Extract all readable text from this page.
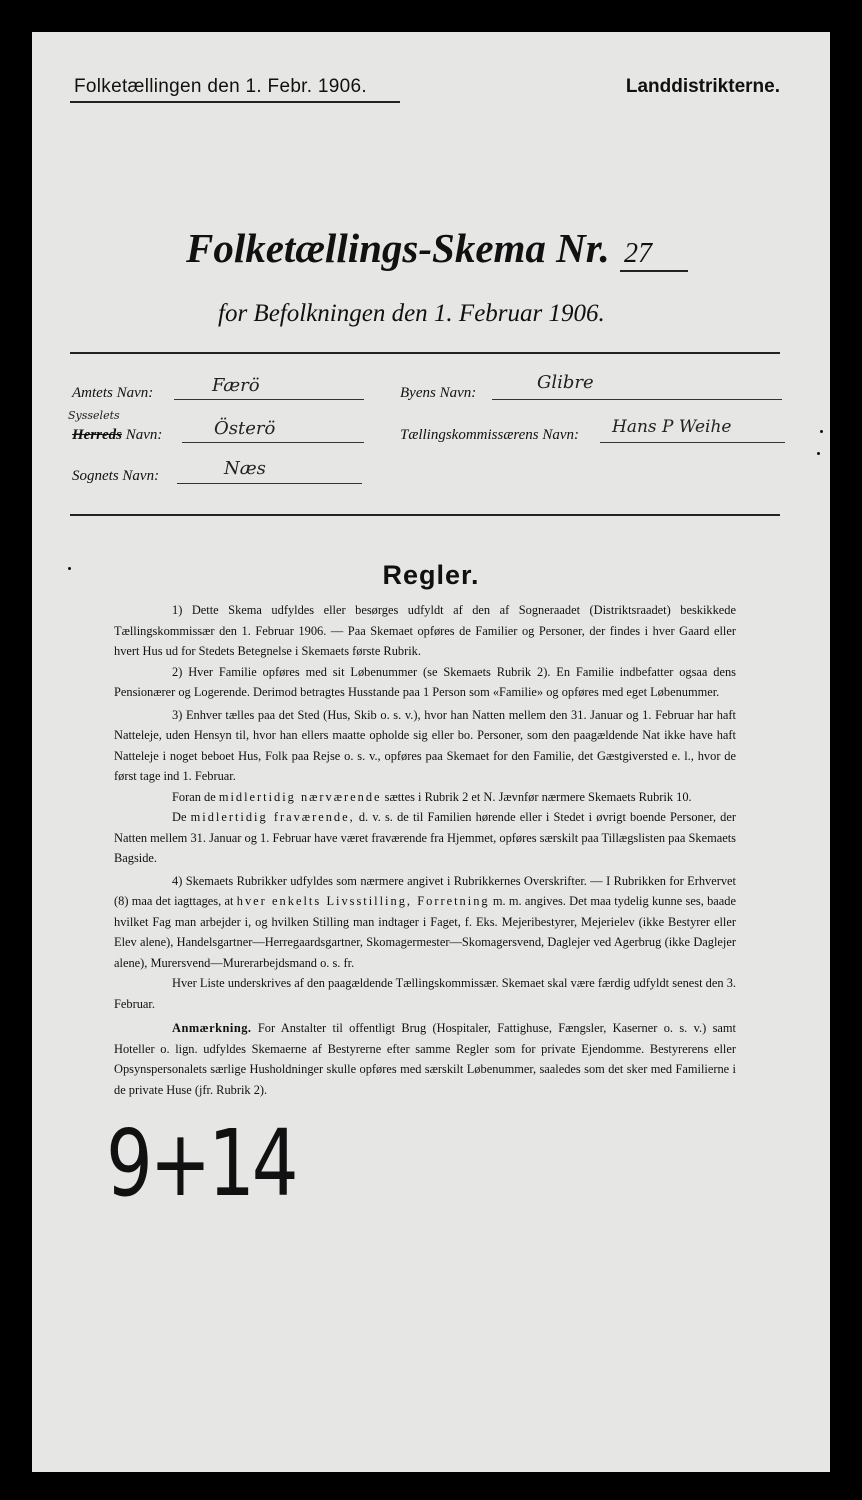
Folketællingen den 1. Febr. 1906.	Landdistrikterne.
Folketællings-Skema Nr. 27
for Befolkningen den 1. Februar 1906.
Amtets Navn:	Færö	Byens Navn:	Glibre
Sysselets
Herreds Navn:	Österö	Tællingskommissærens Navn: Hans P Weihe
Sognets Navn:	Næs
Regler.

1) Dette Skema udfyldes eller besørges udfyldt af den af Sogneraadet (Distriktsraadet) beskikkede Tællingskommissær den 1. Februar 1906. — Paa Skemaet opføres de Familier og Personer, der findes i hver Gaard eller hvert Hus ud for Stedets Betegnelse i Skemaets første Rubrik.

2) Hver Familie opføres med sit Løbenummer (se Skemaets Rubrik 2). En Familie indbefatter ogsaa dens Pensionærer og Logerende. Derimod betragtes Husstande paa 1 Person som «Familie» og opføres med eget Løbenummer.

3) Enhver tælles paa det Sted (Hus, Skib o. s. v.), hvor han Natten mellem den 31. Januar og 1. Februar har haft Natteleje, uden Hensyn til, hvor han ellers maatte opholde sig eller bo. Personer, som den paagældende Nat ikke have haft Natteleje i noget beboet Hus, Folk paa Rejse o. s. v., opføres paa Skemaet for den Familie, det Gæstgiversted e. l., hvor de først tage ind 1. Februar.

Foran de midlertidig nærværende sættes i Rubrik 2 et N. Jævnfør nærmere Skemaets Rubrik 10.

De midlertidig fraværende, d. v. s. de til Familien hørende eller i Stedet i øvrigt boende Personer, der Natten mellem 31. Januar og 1. Februar have været fraværende fra Hjemmet, opføres særskilt paa Tillægslisten paa Skemaets Bagside.

4) Skemaets Rubrikker udfyldes som nærmere angivet i Rubrikkernes Overskrifter. — I Rubrikken for Erhvervet (8) maa det iagttages, at hver enkelts Livsstilling, Forretning m. m. angives. Det maa tydelig kunne ses, baade hvilket Fag man arbejder i, og hvilken Stilling man indtager i Faget, f. Eks. Mejeribestyrer, Mejerielev (ikke Bestyrer eller Elev alene), Handelsgartner—Herregaardsgartner, Skomagermester—Skomagersvend, Daglejer ved Agerbrug (ikke Daglejer alene), Murersvend—Murerarbejdsmand o. s. fr.

Hver Liste underskrives af den paagældende Tællingskommissær. Skemaet skal være færdig udfyldt senest den 3. Februar.

Anmærkning. For Anstalter til offentligt Brug (Hospitaler, Fattighuse, Fængsler, Kaserner o. s. v.) samt Hoteller o. lign. udfyldes Skemaerne af Bestyrerne efter samme Regler som for private Ejendomme. Bestyrerens eller Opsynspersonalets særlige Husholdninger skulle opføres med særskilt Løbenummer, saaledes som det sker med Familierne i de private Huse (jfr. Rubrik 2).

9+14
